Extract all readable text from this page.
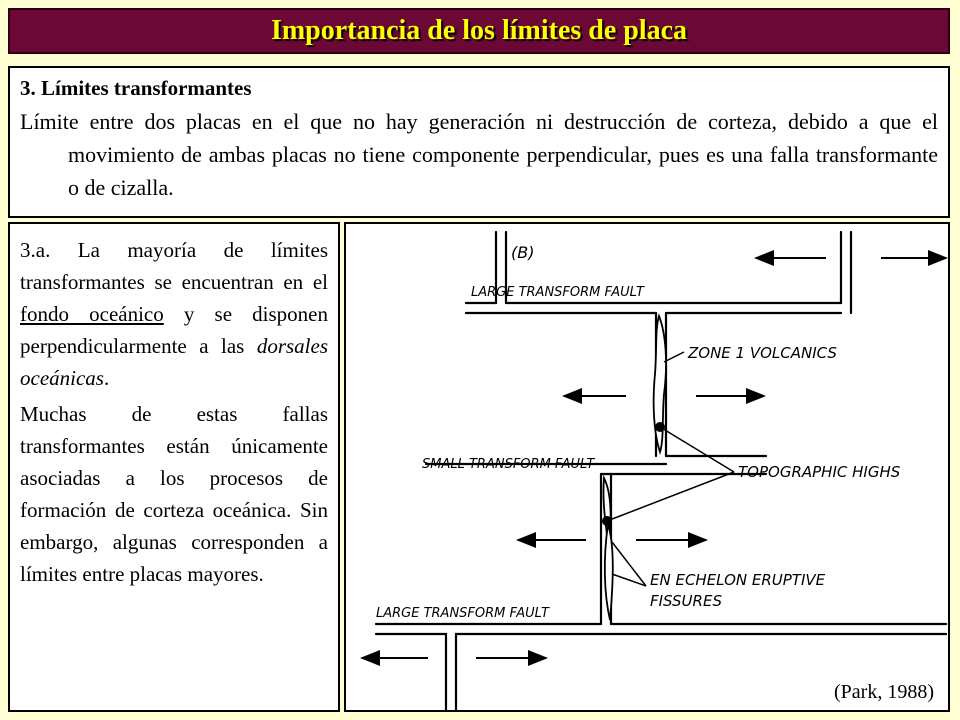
Importancia de los límites de placa

3. Límites transformantes

Límite entre dos placas en el que no hay generación ni destrucción de corteza, debido a que el movimiento de ambas placas no tiene componente perpendicular, pues es una falla transformante o de cizalla.

3.a. La mayoría de límites transformantes se encuentran en el fondo oceánico y se disponen perpendicularmente a las dorsales oceánicas.

Muchas de estas fallas transformantes están únicamente asociadas a los procesos de formación de corteza oceánica. Sin embargo, algunas corresponden a límites entre placas mayores.

(B)
LARGE TRANSFORM FAULT
ZONE 1 VOLCANICS
SMALL TRANSFORM FAULT	TOPOGRAPHIC HIGHS
EN ECHELON ERUPTIVE
FISSURES
LARGE TRANSFORM FAULT
(Park, 1988)
